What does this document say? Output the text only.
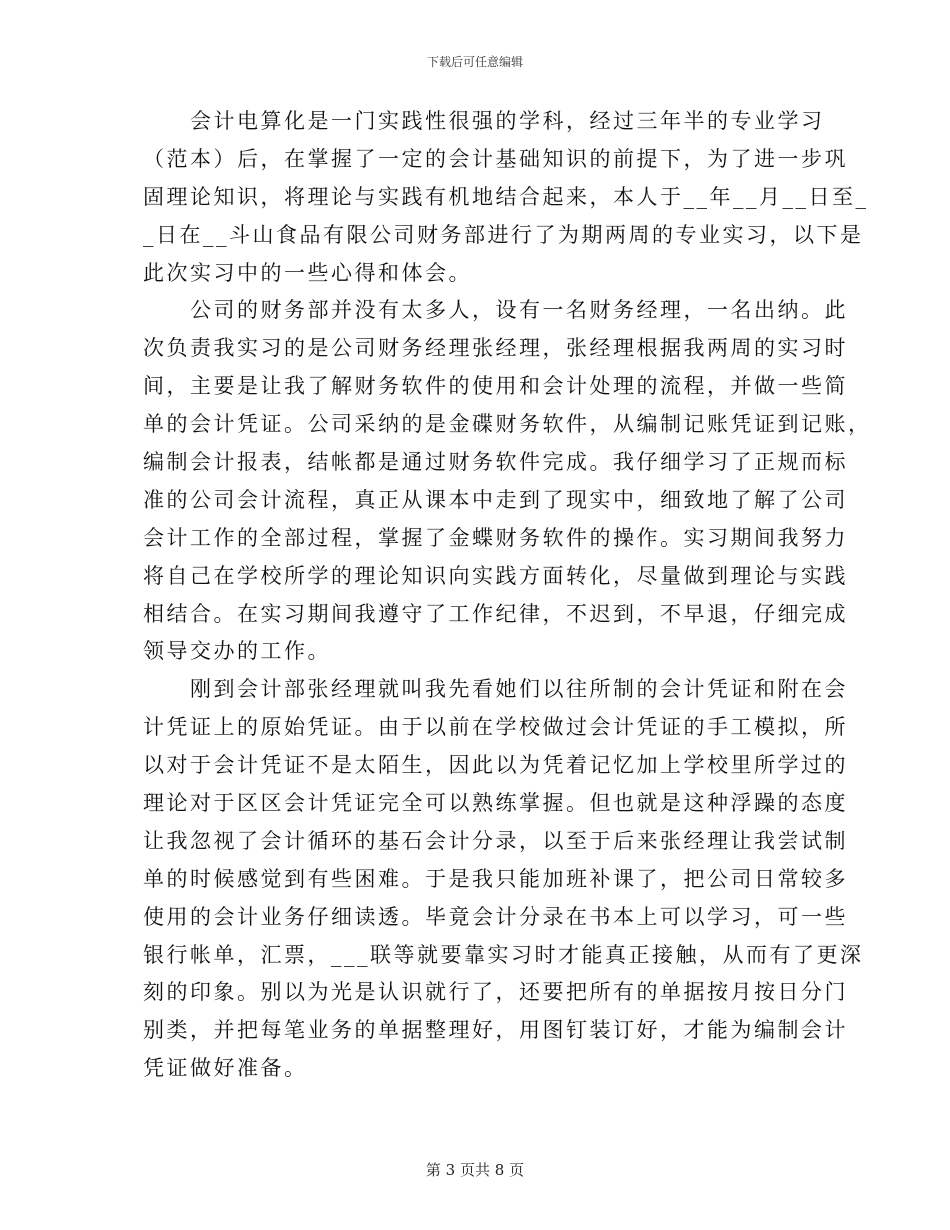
下载后可任意编辑
　　会计电算化是一门实践性很强的学科，经过三年半的专业学习
（范本）后，在掌握了一定的会计基础知识的前提下，为了进一步巩
固理论知识，将理论与实践有机地结合起来，本人于__年__月__日至_
_日在__斗山食品有限公司财务部进行了为期两周的专业实习，以下是
此次实习中的一些心得和体会。
　　公司的财务部并没有太多人，设有一名财务经理，一名出纳。此
次负责我实习的是公司财务经理张经理，张经理根据我两周的实习时
间，主要是让我了解财务软件的使用和会计处理的流程，并做一些简
单的会计凭证。公司采纳的是金碟财务软件，从编制记账凭证到记账，
编制会计报表，结帐都是通过财务软件完成。我仔细学习了正规而标
准的公司会计流程，真正从课本中走到了现实中，细致地了解了公司
会计工作的全部过程，掌握了金蝶财务软件的操作。实习期间我努力
将自己在学校所学的理论知识向实践方面转化，尽量做到理论与实践
相结合。在实习期间我遵守了工作纪律，不迟到，不早退，仔细完成
领导交办的工作。
　　刚到会计部张经理就叫我先看她们以往所制的会计凭证和附在会
计凭证上的原始凭证。由于以前在学校做过会计凭证的手工模拟，所
以对于会计凭证不是太陌生，因此以为凭着记忆加上学校里所学过的
理论对于区区会计凭证完全可以熟练掌握。但也就是这种浮躁的态度
让我忽视了会计循环的基石会计分录，以至于后来张经理让我尝试制
单的时候感觉到有些困难。于是我只能加班补课了，把公司日常较多
使用的会计业务仔细读透。毕竟会计分录在书本上可以学习，可一些
银行帐单，汇票，___联等就要靠实习时才能真正接触，从而有了更深
刻的印象。别以为光是认识就行了，还要把所有的单据按月按日分门
别类，并把每笔业务的单据整理好，用图钉装订好，才能为编制会计
凭证做好准备。
第 3 页共 8 页
